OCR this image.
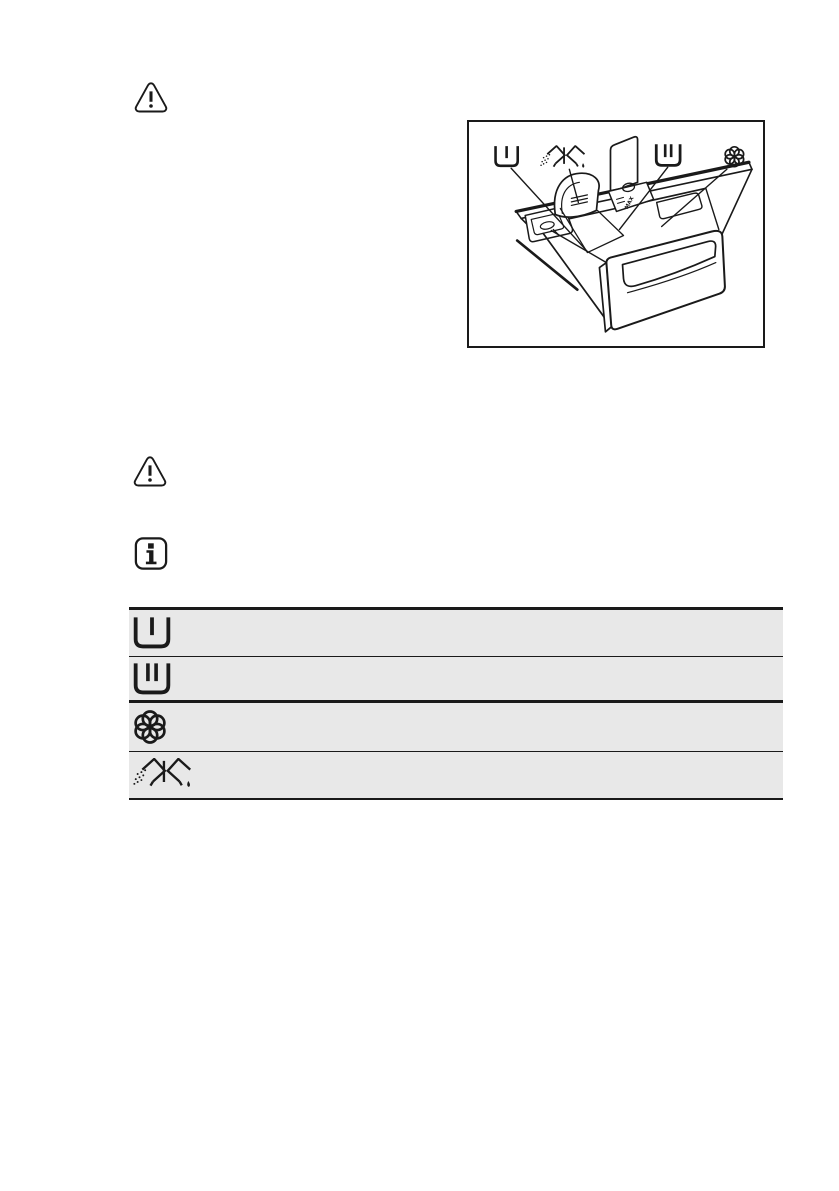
MAX
